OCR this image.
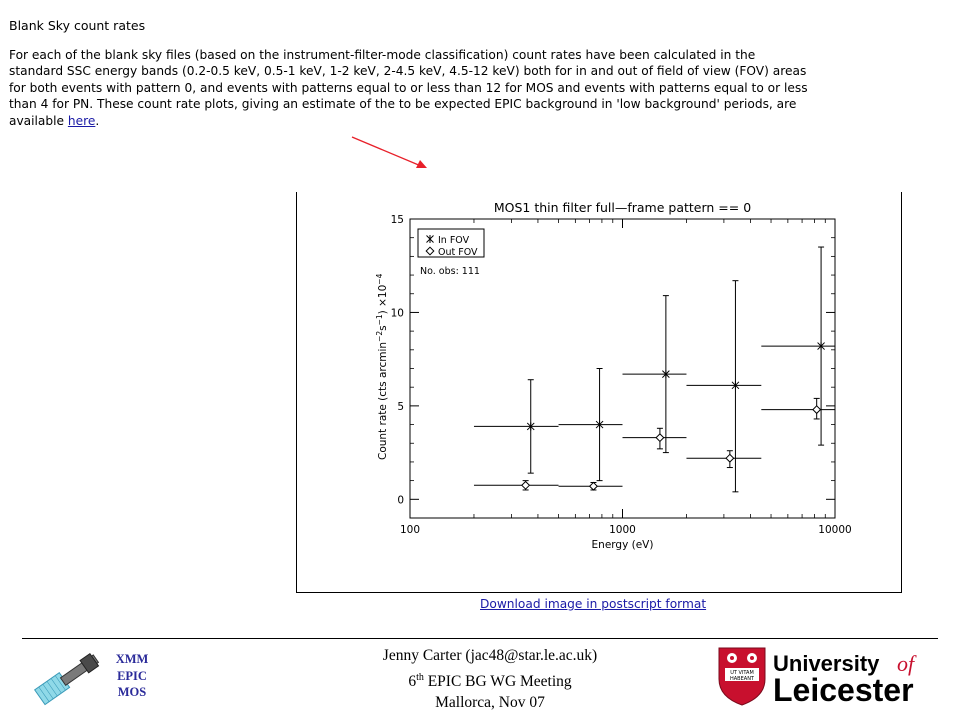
Blank Sky count rates
For each of the blank sky files (based on the instrument-filter-mode classification) count rates have been calculated in the standard SSC energy bands (0.2-0.5 keV, 0.5-1 keV, 1-2 keV, 2-4.5 keV, 4.5-12 keV) both for in and out of field of view (FOV) areas for both events with pattern 0, and events with patterns equal to or less than 12 for MOS and events with patterns equal to or less than 4 for PN. These count rate plots, giving an estimate of the to be expected EPIC background in 'low background' periods, are available here.
MOS1 thin filter full—frame pattern == 0
100	1000	10000
0
5
10
15
Energy (eV)
Count rate (cts $arcmin^{-2}s^{-1}) \times 10^{-4}$
In FOV
Out FOV
No. obs: 111
Download image in postscript format
XMM
EPIC
MOS
Jenny Carter (jac48@star.le.ac.uk)
6th EPIC BG WG Meeting
Mallorca, Nov 07
UT VITAM
HABEANT
University of
Leicester
